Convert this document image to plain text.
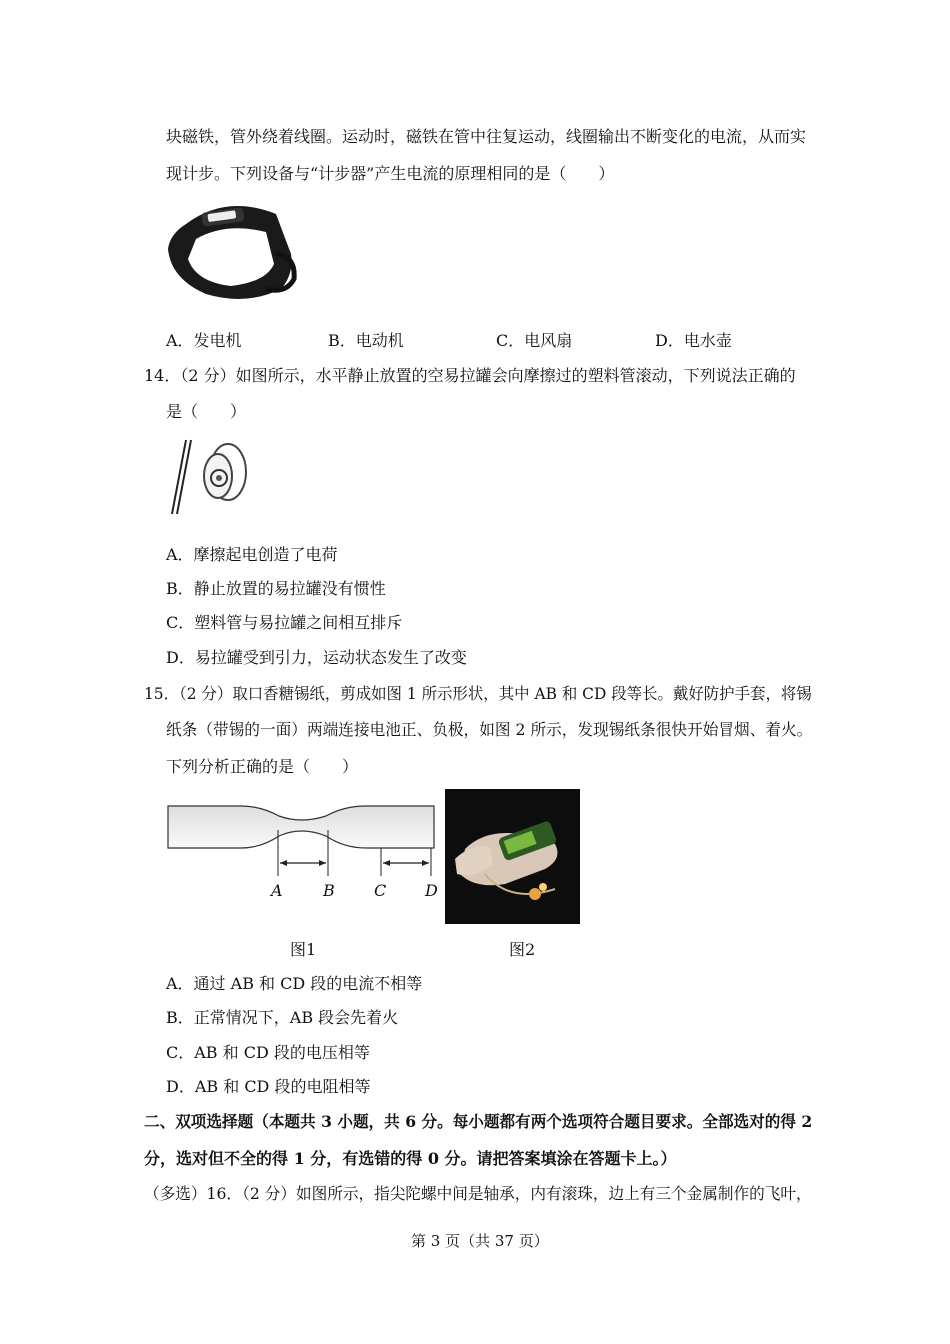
块磁铁，管外绕着线圈。运动时，磁铁在管中往复运动，线圈输出不断变化的电流，从而实
现计步。下列设备与“计步器”产生电流的原理相同的是（　　）
A．发电机	B．电动机	C．电风扇	D．电水壶
14．（2 分）如图所示，水平静止放置的空易拉罐会向摩擦过的塑料管滚动，下列说法正确的
是（　　）
A．摩擦起电创造了电荷
B．静止放置的易拉罐没有惯性
C．塑料管与易拉罐之间相互排斥
D．易拉罐受到引力，运动状态发生了改变
15．（2 分）取口香糖锡纸，剪成如图 1 所示形状，其中 AB 和 CD 段等长。戴好防护手套，将锡
纸条（带锡的一面）两端连接电池正、负极，如图 2 所示，发现锡纸条很快开始冒烟、着火。
下列分析正确的是（　　）
A	B C D
图1	图2
A．通过 AB 和 CD 段的电流不相等
B．正常情况下，AB 段会先着火
C．AB 和 CD 段的电压相等
D．AB 和 CD 段的电阻相等
二、双项选择题（本题共 3 小题，共 6 分。每小题都有两个选项符合题目要求。全部选对的得 2
分，选对但不全的得 1 分，有选错的得 0 分。请把答案填涂在答题卡上。）
（多选）16．（2 分）如图所示，指尖陀螺中间是轴承，内有滚珠，边上有三个金属制作的飞叶，
第 3 页（共 37 页）
